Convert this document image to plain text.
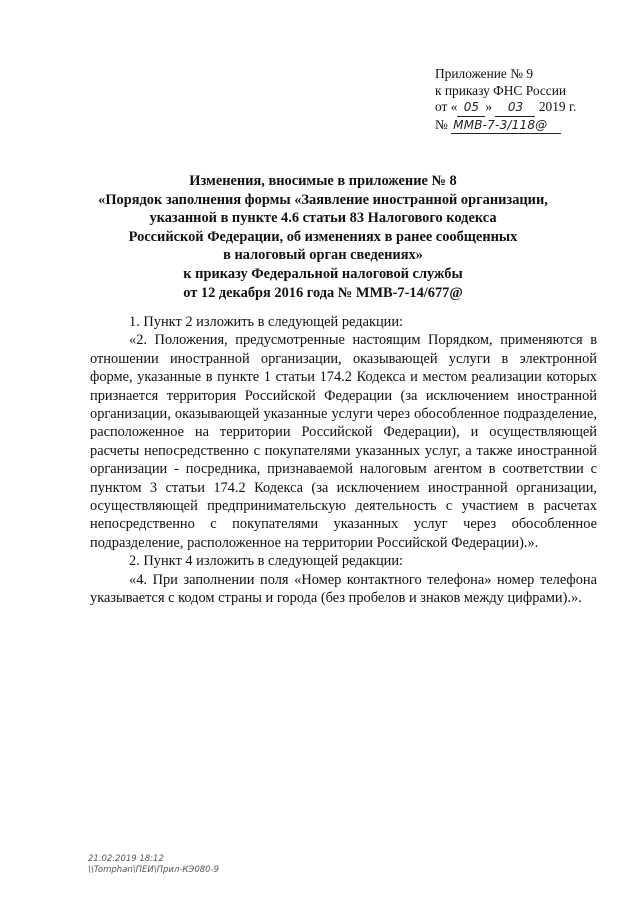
Приложение № 9
к приказу ФНС России
от « 05 » 03 2019 г.
№ ММВ-7-3/118@
Изменения, вносимые в приложение № 8
«Порядок заполнения формы «Заявление иностранной организации,
указанной в пункте 4.6 статьи 83 Налогового кодекса
Российской Федерации, об изменениях в ранее сообщенных
в налоговый орган сведениях»
к приказу Федеральной налоговой службы
от 12 декабря 2016 года № ММВ-7-14/677@

1. Пункт 2 изложить в следующей редакции:

«2. Положения, предусмотренные настоящим Порядком, применяются в отношении иностранной организации, оказывающей услуги в электронной форме, указанные в пункте 1 статьи 174.2 Кодекса и местом реализации которых признается территория Российской Федерации (за исключением иностранной организации, оказывающей указанные услуги через обособленное подразделение, расположенное на территории Российской Федерации), и осуществляющей расчеты непосредственно с покупателями указанных услуг, а также иностранной организации - посредника, признаваемой налоговым агентом в соответствии с пунктом 3 статьи 174.2 Кодекса (за исключением иностранной организации, осуществляющей предпринимательскую деятельность с участием в расчетах непосредственно с покупателями указанных услуг через обособленное подразделение, расположенное на территории Российской Федерации).».

2. Пункт 4 изложить в следующей редакции:

«4. При заполнении поля «Номер контактного телефона» номер телефона указывается с кодом страны и города (без пробелов и знаков между цифрами).».

21.02.2019 18:12
\\Tomphan\ПЕИ\Прил-КЭ080-9
